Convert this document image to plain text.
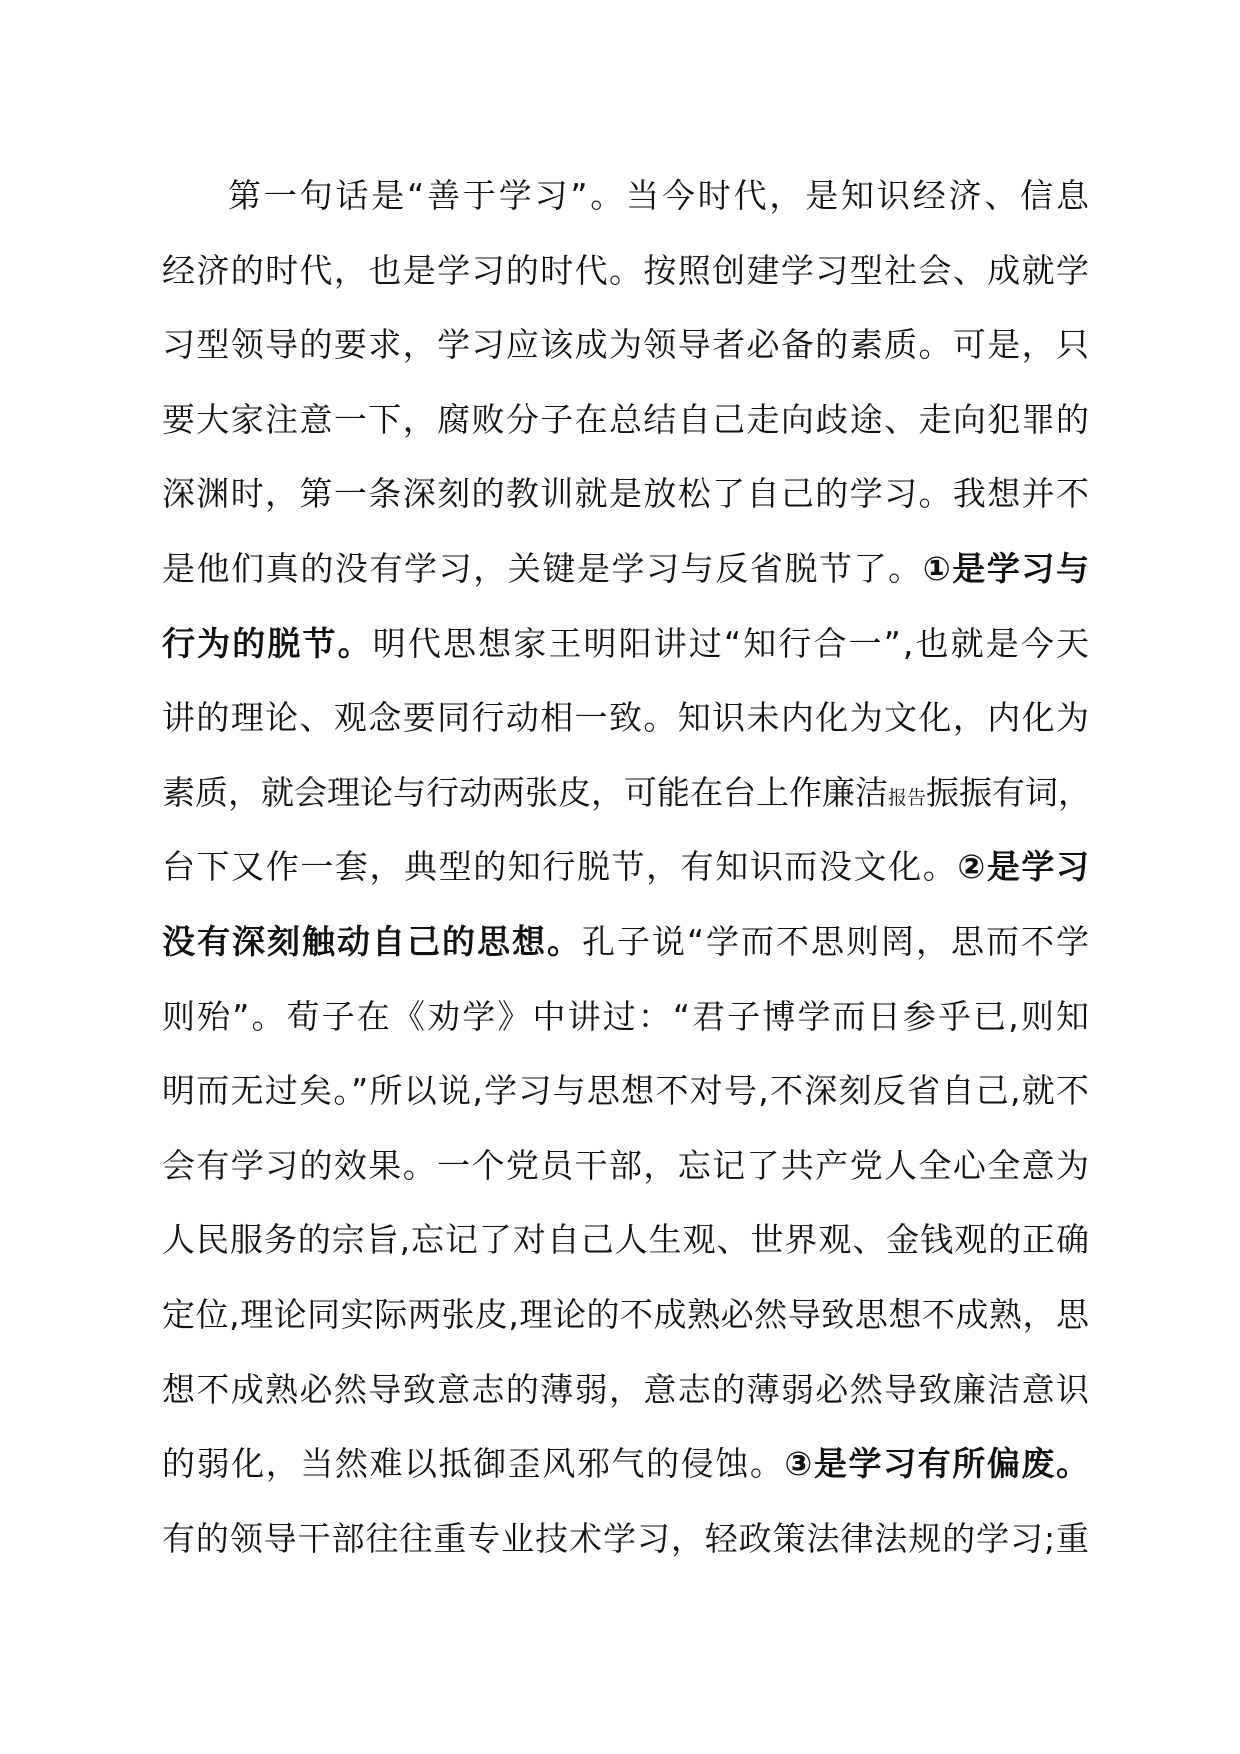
第一句话是“善于学习”。当今时代，是知识经济、信息
经济的时代，也是学习的时代。按照创建学习型社会、成就学
习型领导的要求，学习应该成为领导者必备的素质。可是，只
要大家注意一下，腐败分子在总结自己走向歧途、走向犯罪的
深渊时，第一条深刻的教训就是放松了自己的学习。我想并不
是他们真的没有学习，关键是学习与反省脱节了。①是学习与
行为的脱节。明代思想家王明阳讲过“知行合一”,也就是今天
讲的理论、观念要同行动相一致。知识未内化为文化，内化为
素质，就会理论与行动两张皮，可能在台上作廉洁报告振振有词，
台下又作一套，典型的知行脱节，有知识而没文化。②是学习
没有深刻触动自己的思想。孔子说“学而不思则罔，思而不学
则殆”。荀子在《劝学》中讲过：“君子博学而日参乎已,则知
明而无过矣。”所以说,学习与思想不对号,不深刻反省自己,就不
会有学习的效果。一个党员干部，忘记了共产党人全心全意为
人民服务的宗旨,忘记了对自己人生观、世界观、金钱观的正确
定位,理论同实际两张皮,理论的不成熟必然导致思想不成熟，思
想不成熟必然导致意志的薄弱，意志的薄弱必然导致廉洁意识
的弱化，当然难以抵御歪风邪气的侵蚀。③是学习有所偏废。
有的领导干部往往重专业技术学习，轻政策法律法规的学习;重
